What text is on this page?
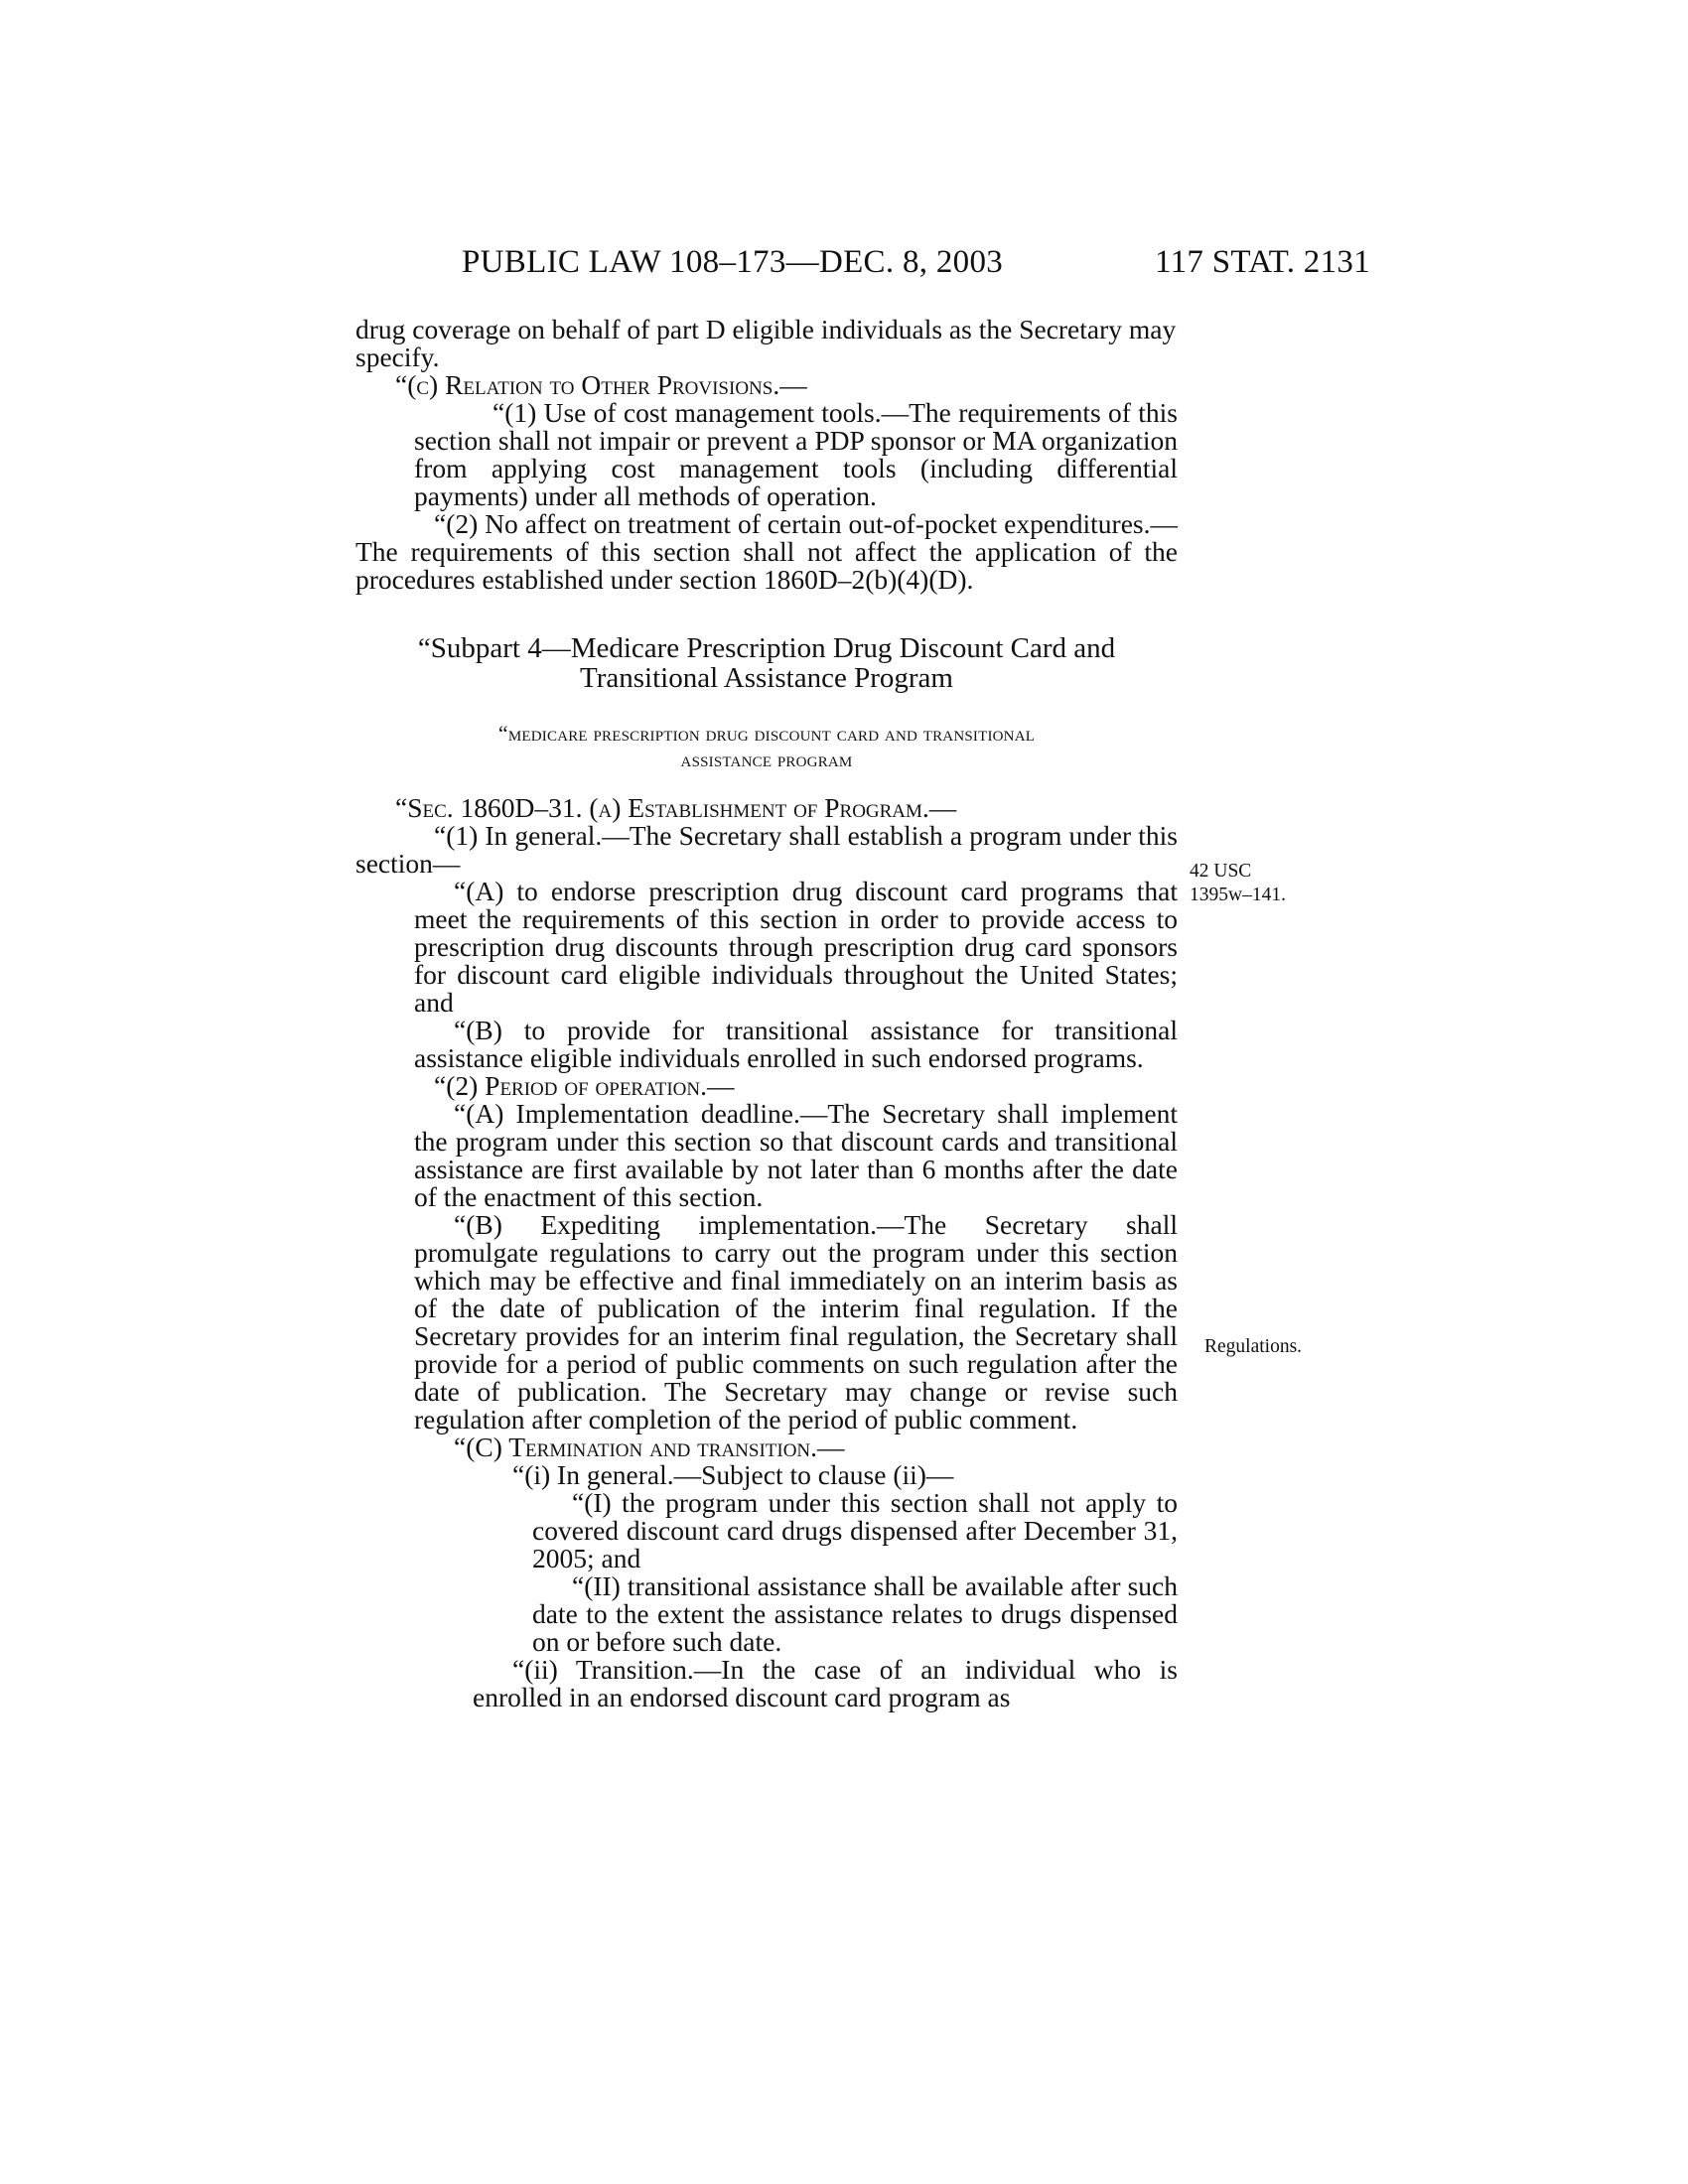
PUBLIC LAW 108–173—DEC. 8, 2003	117 STAT. 2131

drug coverage on behalf of part D eligible individuals as the Secretary may specify.

“(c) Relation to Other Provisions.—

“(1) Use of cost management tools.—The requirements of this section shall not impair or prevent a PDP sponsor or MA organization from applying cost management tools (including differential payments) under all methods of operation.

“(2) No affect on treatment of certain out-of-pocket expenditures.—The requirements of this section shall not affect the application of the procedures established under section 1860D–2(b)(4)(D).

“Subpart 4—Medicare Prescription Drug Discount Card and

Transitional Assistance Program

“medicare prescription drug discount card and transitional

assistance program

“Sec. 1860D–31. (a) Establishment of Program.—

“(1) In general.—The Secretary shall establish a program under this section—

“(A) to endorse prescription drug discount card programs that meet the requirements of this section in order to provide access to prescription drug discounts through prescription drug card sponsors for discount card eligible individuals throughout the United States; and

“(B) to provide for transitional assistance for transitional assistance eligible individuals enrolled in such endorsed programs.

“(2) Period of operation.—

“(A) Implementation deadline.—The Secretary shall implement the program under this section so that discount cards and transitional assistance are first available by not later than 6 months after the date of the enactment of this section.

“(B) Expediting implementation.—The Secretary shall promulgate regulations to carry out the program under this section which may be effective and final immediately on an interim basis as of the date of publication of the interim final regulation. If the Secretary provides for an interim final regulation, the Secretary shall provide for a period of public comments on such regulation after the date of publication. The Secretary may change or revise such regulation after completion of the period of public comment.

“(C) Termination and transition.—

“(i) In general.—Subject to clause (ii)—

“(I) the program under this section shall not apply to covered discount card drugs dispensed after December 31, 2005; and

“(II) transitional assistance shall be available after such date to the extent the assistance relates to drugs dispensed on or before such date.

“(ii) Transition.—In the case of an individual who is enrolled in an endorsed discount card program as

42 USC
1395w–141.
Regulations.
